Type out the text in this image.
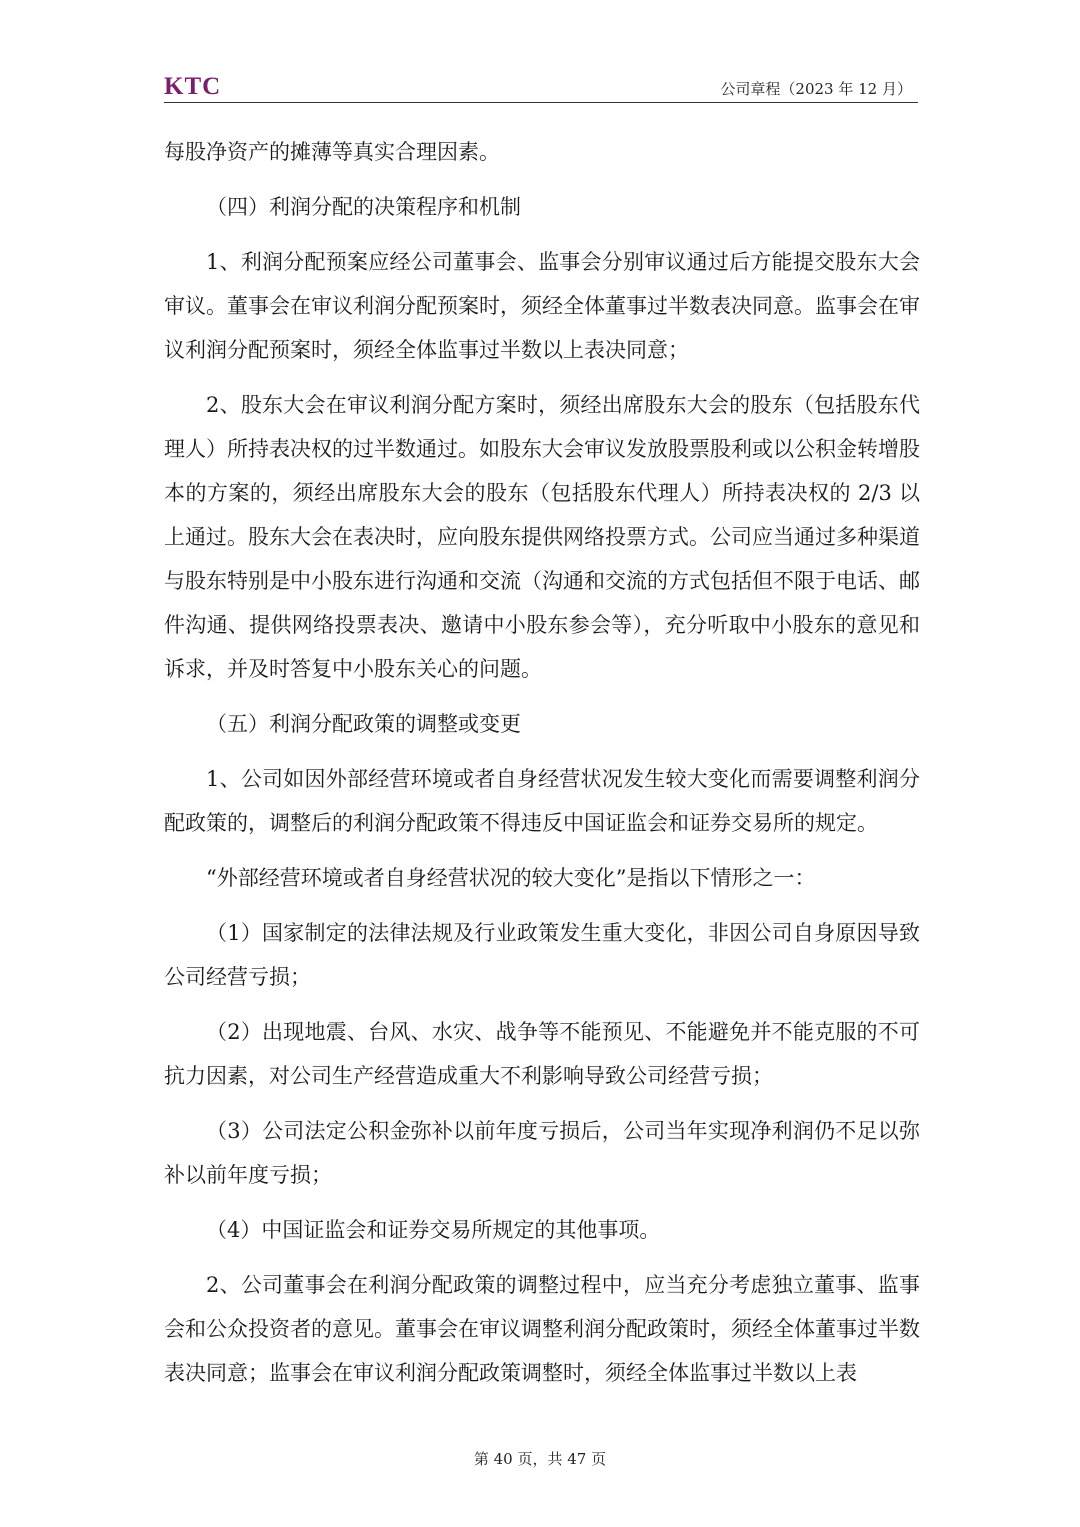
KTC	公司章程（2023 年 12 月）

每股净资产的摊薄等真实合理因素。

（四）利润分配的决策程序和机制

1、利润分配预案应经公司董事会、监事会分别审议通过后方能提交股东大会审议。董事会在审议利润分配预案时，须经全体董事过半数表决同意。监事会在审议利润分配预案时，须经全体监事过半数以上表决同意；

2、股东大会在审议利润分配方案时，须经出席股东大会的股东（包括股东代理人）所持表决权的过半数通过。如股东大会审议发放股票股利或以公积金转增股本的方案的，须经出席股东大会的股东（包括股东代理人）所持表决权的 2/3 以上通过。股东大会在表决时，应向股东提供网络投票方式。公司应当通过多种渠道与股东特别是中小股东进行沟通和交流（沟通和交流的方式包括但不限于电话、邮件沟通、提供网络投票表决、邀请中小股东参会等），充分听取中小股东的意见和诉求，并及时答复中小股东关心的问题。

（五）利润分配政策的调整或变更

1、公司如因外部经营环境或者自身经营状况发生较大变化而需要调整利润分配政策的，调整后的利润分配政策不得违反中国证监会和证券交易所的规定。

“外部经营环境或者自身经营状况的较大变化”是指以下情形之一：

（1）国家制定的法律法规及行业政策发生重大变化，非因公司自身原因导致公司经营亏损；

（2）出现地震、台风、水灾、战争等不能预见、不能避免并不能克服的不可抗力因素，对公司生产经营造成重大不利影响导致公司经营亏损；

（3）公司法定公积金弥补以前年度亏损后，公司当年实现净利润仍不足以弥补以前年度亏损；

（4）中国证监会和证券交易所规定的其他事项。

2、公司董事会在利润分配政策的调整过程中，应当充分考虑独立董事、监事会和公众投资者的意见。董事会在审议调整利润分配政策时，须经全体董事过半数表决同意；监事会在审议利润分配政策调整时，须经全体监事过半数以上表

第 40 页，共 47 页
